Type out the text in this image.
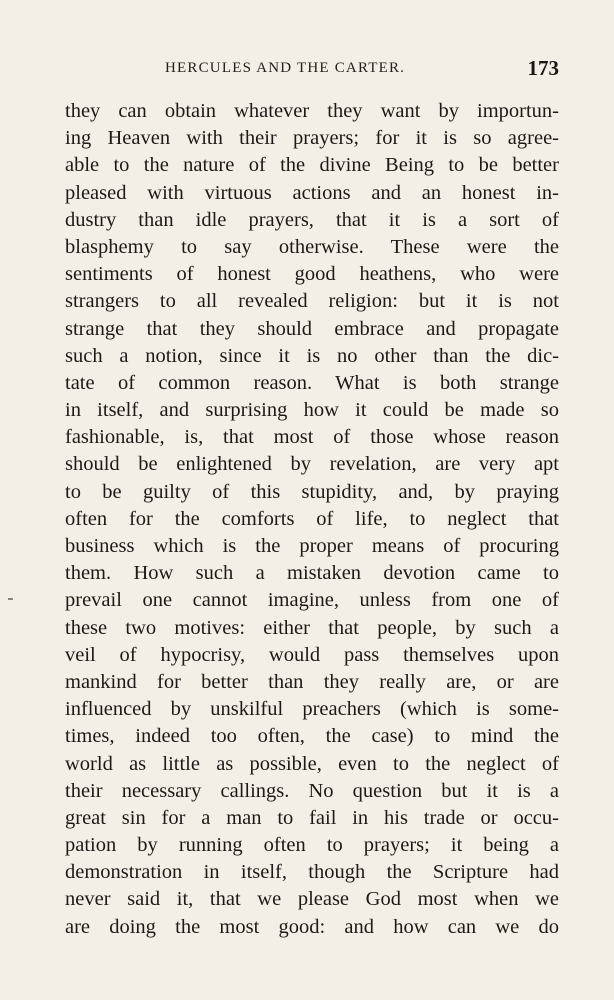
HERCULES AND THE CARTER.	173
they can obtain whatever they want by importun-
ing Heaven with their prayers; for it is so agree-
able to the nature of the divine Being to be better
pleased with virtuous actions and an honest in-
dustry than idle prayers, that it is a sort of
blasphemy to say otherwise. These were the
sentiments of honest good heathens, who were
strangers to all revealed religion: but it is not
strange that they should embrace and propagate
such a notion, since it is no other than the dic-
tate of common reason. What is both strange
in itself, and surprising how it could be made so
fashionable, is, that most of those whose reason
should be enlightened by revelation, are very apt
to be guilty of this stupidity, and, by praying
often for the comforts of life, to neglect that
business which is the proper means of procuring
them. How such a mistaken devotion came to
prevail one cannot imagine, unless from one of
these two motives: either that people, by such a
veil of hypocrisy, would pass themselves upon
mankind for better than they really are, or are
influenced by unskilful preachers (which is some-
times, indeed too often, the case) to mind the
world as little as possible, even to the neglect of
their necessary callings. No question but it is a
great sin for a man to fail in his trade or occu-
pation by running often to prayers; it being a
demonstration in itself, though the Scripture had
never said it, that we please God most when we
are doing the most good: and how can we do
